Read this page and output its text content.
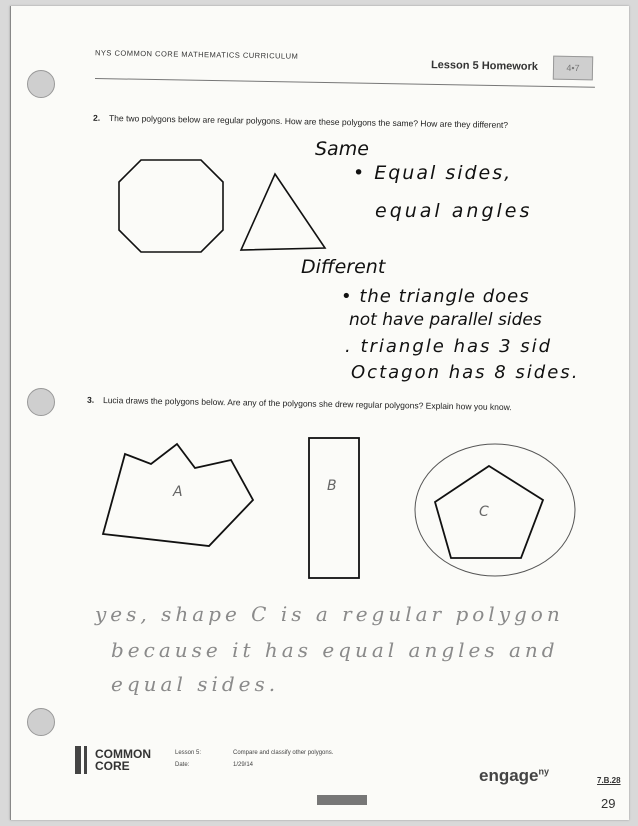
NYS COMMON CORE MATHEMATICS CURRICULUM
Lesson 5 Homework	4•7
2. The two polygons below are regular polygons. How are these polygons the same? How are they different?
A	B
C
Same
• Equal sides,
equal angles
Different
• the triangle does
not have parallel sides
. triangle has 3 sid
Octagon has 8 sides.
3. Lucia draws the polygons below. Are any of the polygons she drew regular polygons? Explain how you know.
yes, shape C is a regular polygon
because it has equal angles and
equal sides.
COMMON
CORE
Lesson 5:
Date:
Compare and classify other polygons.
1/29/14
engage$^{ny}$
7.B.28
29
